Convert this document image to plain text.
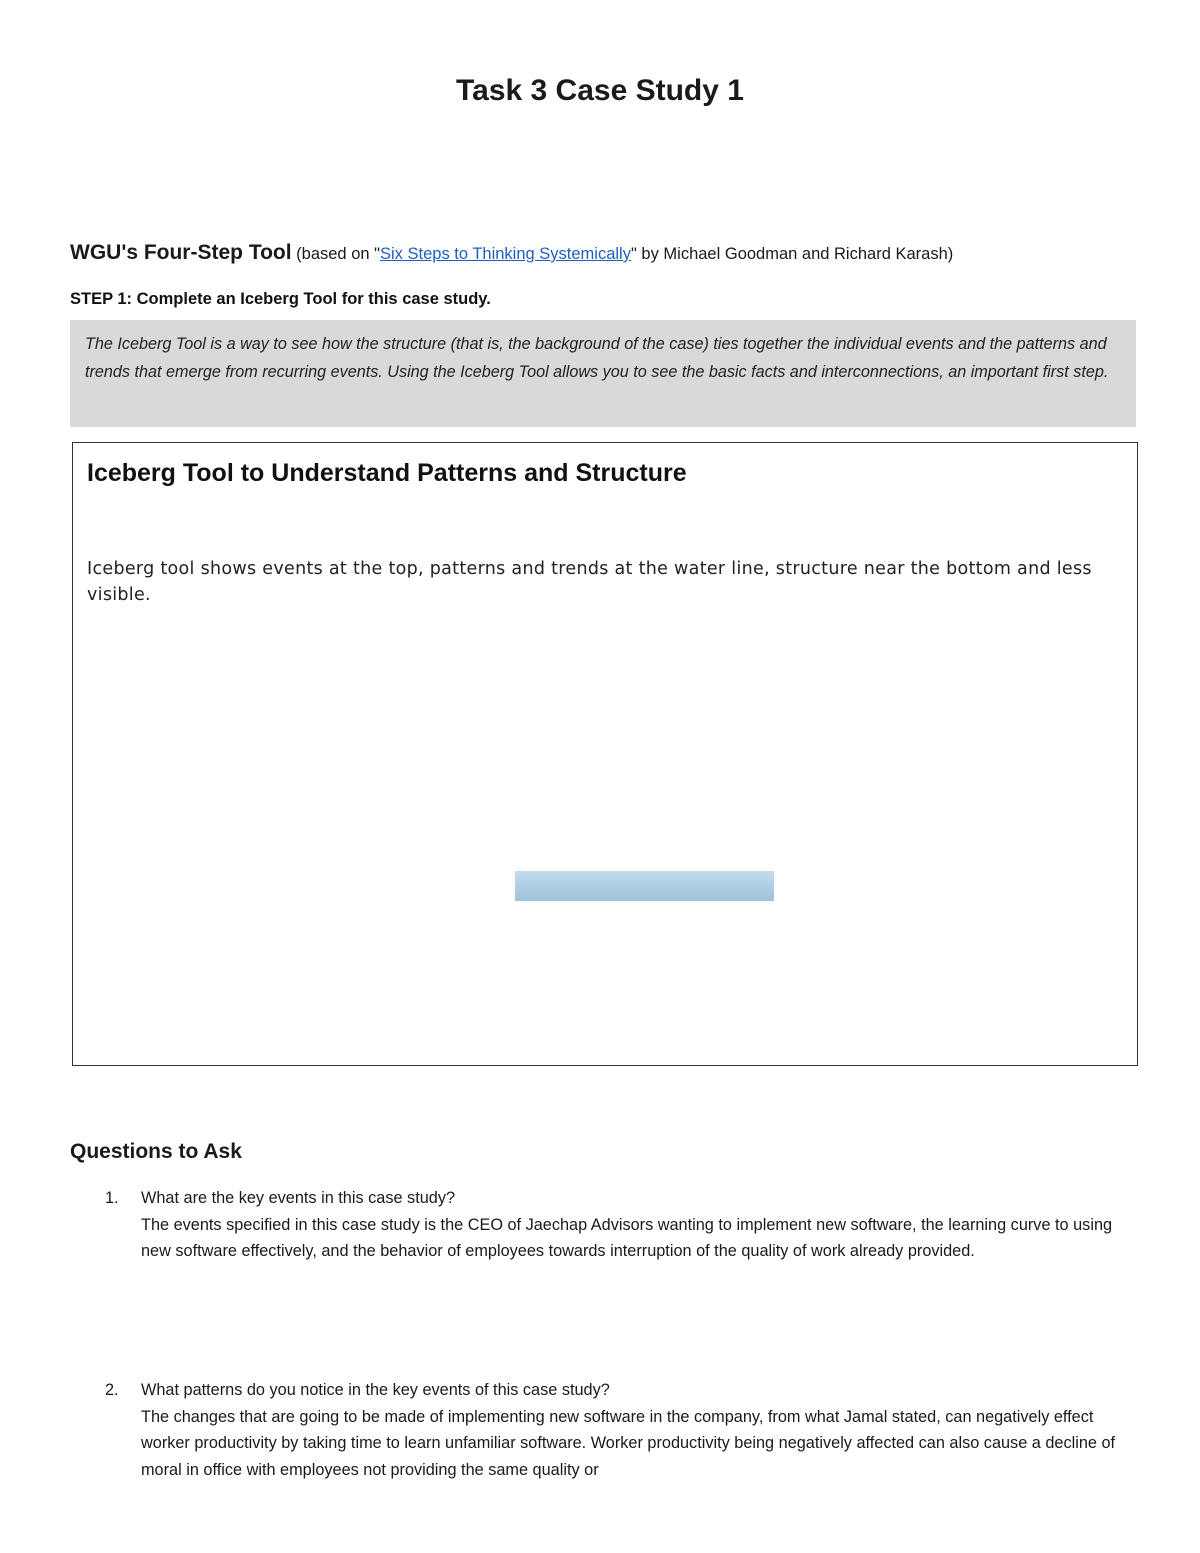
Task 3 Case Study 1
WGU's Four-Step Tool (based on "Six Steps to Thinking Systemically" by Michael Goodman and Richard Karash)
STEP 1: Complete an Iceberg Tool for this case study.
The Iceberg Tool is a way to see how the structure (that is, the background of the case) ties together the individual events and the patterns and trends that emerge from recurring events. Using the Iceberg Tool allows you to see the basic facts and interconnections, an important first step.
Iceberg Tool to Understand Patterns and Structure
Iceberg tool shows events at the top, patterns and trends at the water line, structure near the bottom and less visible.
Questions to Ask
1. What are the key events in this case study?
The events specified in this case study is the CEO of Jaechap Advisors wanting to implement new software, the learning curve to using new software effectively, and the behavior of employees towards interruption of the quality of work already provided.
2. What patterns do you notice in the key events of this case study?
The changes that are going to be made of implementing new software in the company, from what Jamal stated, can negatively effect worker productivity by taking time to learn unfamiliar software. Worker productivity being negatively affected can also cause a decline of moral in office with employees not providing the same quality or
